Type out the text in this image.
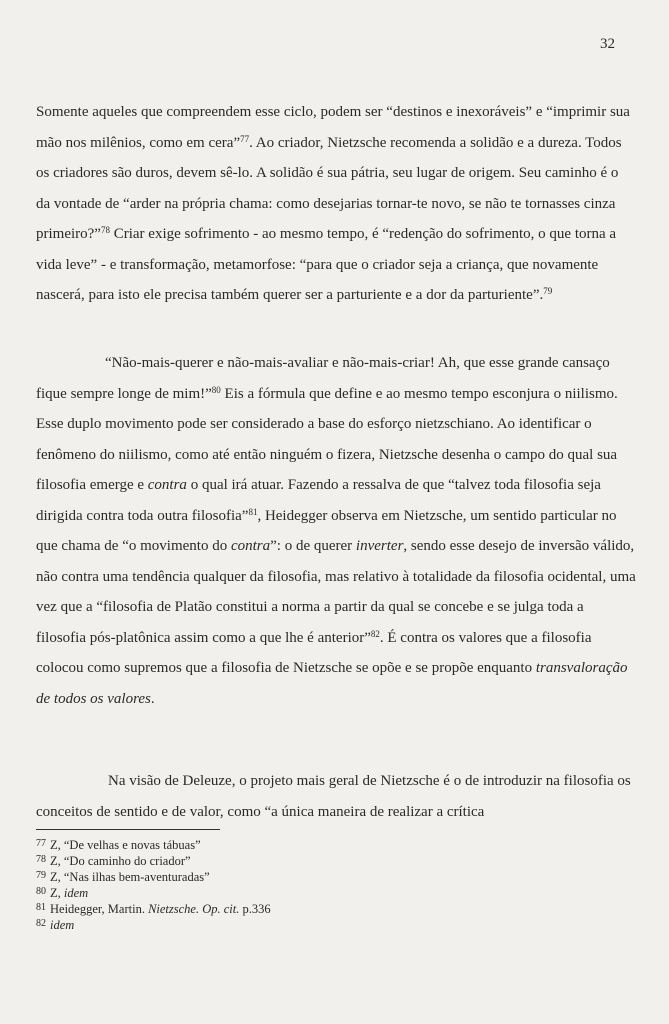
32

Somente aqueles que compreendem esse ciclo, podem ser “destinos e inexoráveis” e “imprimir sua mão nos milênios, como em cera”$^{77}$. Ao criador, Nietzsche recomenda a solidão e a dureza. Todos os criadores são duros, devem sê-lo. A solidão é sua pátria, seu lugar de origem. Seu caminho é o da vontade de “arder na própria chama: como desejarias tornar-te novo, se não te tornasses cinza primeiro?”$^{78}$ Criar exige sofrimento - ao mesmo tempo, é “redenção do sofrimento, o que torna a vida leve” - e transformação, metamorfose: “para que o criador seja a criança, que novamente nascerá, para isto ele precisa também querer ser a parturiente e a dor da parturiente”.$^{79}$

“Não-mais-querer e não-mais-avaliar e não-mais-criar! Ah, que esse grande cansaço fique sempre longe de mim!”$^{80}$ Eis a fórmula que define e ao mesmo tempo esconjura o niilismo. Esse duplo movimento pode ser considerado a base do esforço nietzschiano. Ao identificar o fenômeno do niilismo, como até então ninguém o fizera, Nietzsche desenha o campo do qual sua filosofia emerge e contra o qual irá atuar. Fazendo a ressalva de que “talvez toda filosofia seja dirigida contra toda outra filosofia”$^{81}$, Heidegger observa em Nietzsche, um sentido particular no que chama de “o movimento do contra”: o de querer inverter, sendo esse desejo de inversão válido, não contra uma tendência qualquer da filosofia, mas relativo à totalidade da filosofia ocidental, uma vez que a “filosofia de Platão constitui a norma a partir da qual se concebe e se julga toda a filosofia pós-platônica assim como a que lhe é anterior”$^{82}$. É contra os valores que a filosofia colocou como supremos que a filosofia de Nietzsche se opõe e se propõe enquanto transvaloração de todos os valores.

Na visão de Deleuze, o projeto mais geral de Nietzsche é o de introduzir na filosofia os conceitos de sentido e de valor, como “a única maneira de realizar a crítica

$^{77}$ Z, “De velhas e novas tábuas”
$^{78}$ Z, “Do caminho do criador”
$^{79}$ Z, “Nas ilhas bem-aventuradas”
$^{80}$ Z, idem
$^{81}$ Heidegger, Martin. Nietzsche. Op. cit. p.336
$^{82}$ idem
